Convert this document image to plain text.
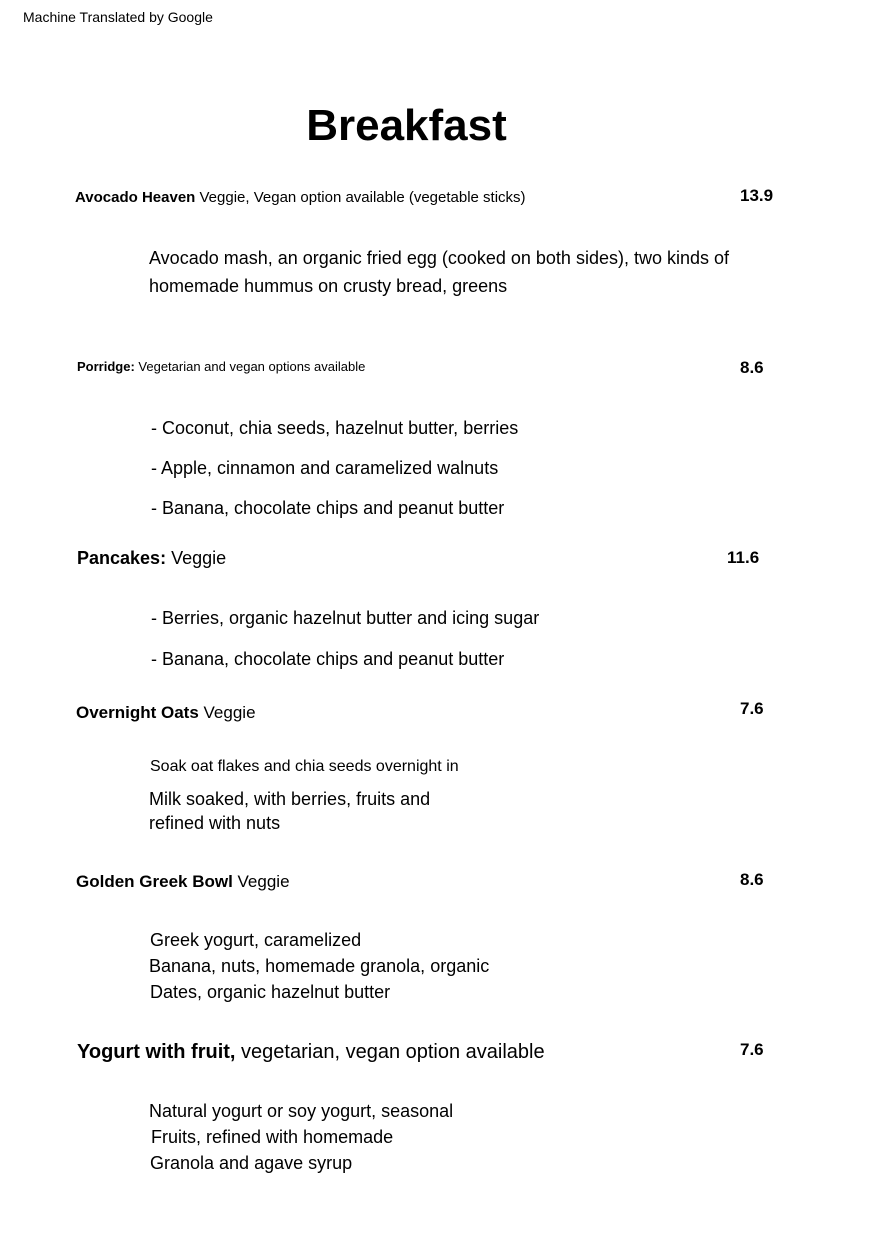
Machine Translated by Google
Breakfast
Avocado Heaven Veggie, Vegan option available (vegetable sticks)	13.9
Avocado mash, an organic fried egg (cooked on both sides), two kinds of
homemade hummus on crusty bread, greens
Porridge: Vegetarian and vegan options available	8.6
- Coconut, chia seeds, hazelnut butter, berries
- Apple, cinnamon and caramelized walnuts
- Banana, chocolate chips and peanut butter
Pancakes: Veggie	11.6
- Berries, organic hazelnut butter and icing sugar
- Banana, chocolate chips and peanut butter
Overnight Oats Veggie	7.6
Soak oat flakes and chia seeds overnight in
Milk soaked, with berries, fruits and
refined with nuts
Golden Greek Bowl Veggie	8.6
Greek yogurt, caramelized
Banana, nuts, homemade granola, organic
Dates, organic hazelnut butter
Yogurt with fruit, vegetarian, vegan option available	7.6
Natural yogurt or soy yogurt, seasonal
Fruits, refined with homemade
Granola and agave syrup
